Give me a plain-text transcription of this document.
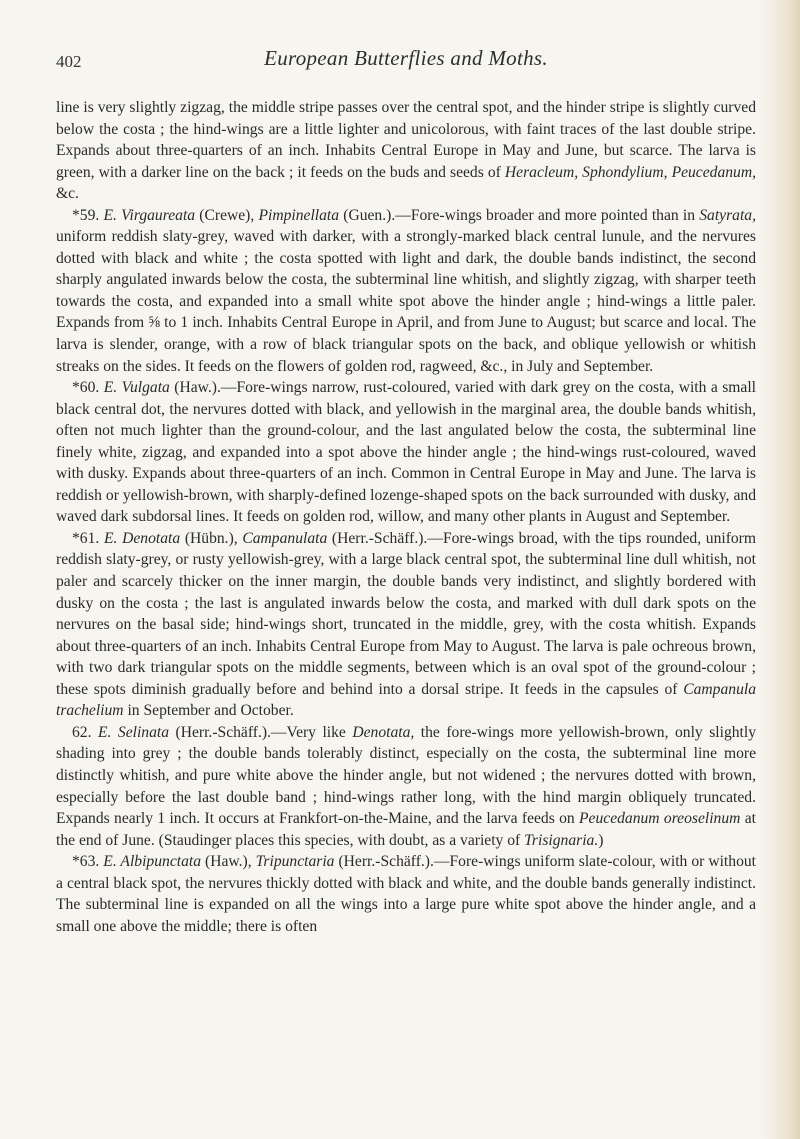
402	European Butterflies and Moths.

line is very slightly zigzag, the middle stripe passes over the central spot, and the hinder stripe is slightly curved below the costa ; the hind-wings are a little lighter and unicolorous, with faint traces of the last double stripe. Expands about three-quarters of an inch. Inhabits Central Europe in May and June, but scarce. The larva is green, with a darker line on the back ; it feeds on the buds and seeds of Heracleum, Sphondylium, Peucedanum, &c.

*59. E. Virgaureata (Crewe), Pimpinellata (Guen.).—Fore-wings broader and more pointed than in Satyrata, uniform reddish slaty-grey, waved with darker, with a strongly-marked black central lunule, and the nervures dotted with black and white ; the costa spotted with light and dark, the double bands indistinct, the second sharply angulated inwards below the costa, the subterminal line whitish, and slightly zigzag, with sharper teeth towards the costa, and expanded into a small white spot above the hinder angle ; hind-wings a little paler. Expands from ⅝ to 1 inch. Inhabits Central Europe in April, and from June to August; but scarce and local. The larva is slender, orange, with a row of black triangular spots on the back, and oblique yellowish or whitish streaks on the sides. It feeds on the flowers of golden rod, ragweed, &c., in July and September.

*60. E. Vulgata (Haw.).—Fore-wings narrow, rust-coloured, varied with dark grey on the costa, with a small black central dot, the nervures dotted with black, and yellowish in the marginal area, the double bands whitish, often not much lighter than the ground-colour, and the last angulated below the costa, the subterminal line finely white, zigzag, and expanded into a spot above the hinder angle ; the hind-wings rust-coloured, waved with dusky. Expands about three-quarters of an inch. Common in Central Europe in May and June. The larva is reddish or yellowish-brown, with sharply-defined lozenge-shaped spots on the back surrounded with dusky, and waved dark subdorsal lines. It feeds on golden rod, willow, and many other plants in August and September.

*61. E. Denotata (Hübn.), Campanulata (Herr.-Schäff.).—Fore-wings broad, with the tips rounded, uniform reddish slaty-grey, or rusty yellowish-grey, with a large black central spot, the subterminal line dull whitish, not paler and scarcely thicker on the inner margin, the double bands very indistinct, and slightly bordered with dusky on the costa ; the last is angulated inwards below the costa, and marked with dull dark spots on the nervures on the basal side; hind-wings short, truncated in the middle, grey, with the costa whitish. Expands about three-quarters of an inch. Inhabits Central Europe from May to August. The larva is pale ochreous brown, with two dark triangular spots on the middle segments, between which is an oval spot of the ground-colour ; these spots diminish gradually before and behind into a dorsal stripe. It feeds in the capsules of Campanula trachelium in September and October.

62. E. Selinata (Herr.-Schäff.).—Very like Denotata, the fore-wings more yellowish-brown, only slightly shading into grey ; the double bands tolerably distinct, especially on the costa, the subterminal line more distinctly whitish, and pure white above the hinder angle, but not widened ; the nervures dotted with brown, especially before the last double band ; hind-wings rather long, with the hind margin obliquely truncated. Expands nearly 1 inch. It occurs at Frankfort-on-the-Maine, and the larva feeds on Peucedanum oreoselinum at the end of June. (Staudinger places this species, with doubt, as a variety of Trisignaria.)

*63. E. Albipunctata (Haw.), Tripunctaria (Herr.-Schäff.).—Fore-wings uniform slate-colour, with or without a central black spot, the nervures thickly dotted with black and white, and the double bands generally indistinct. The subterminal line is expanded on all the wings into a large pure white spot above the hinder angle, and a small one above the middle; there is often
